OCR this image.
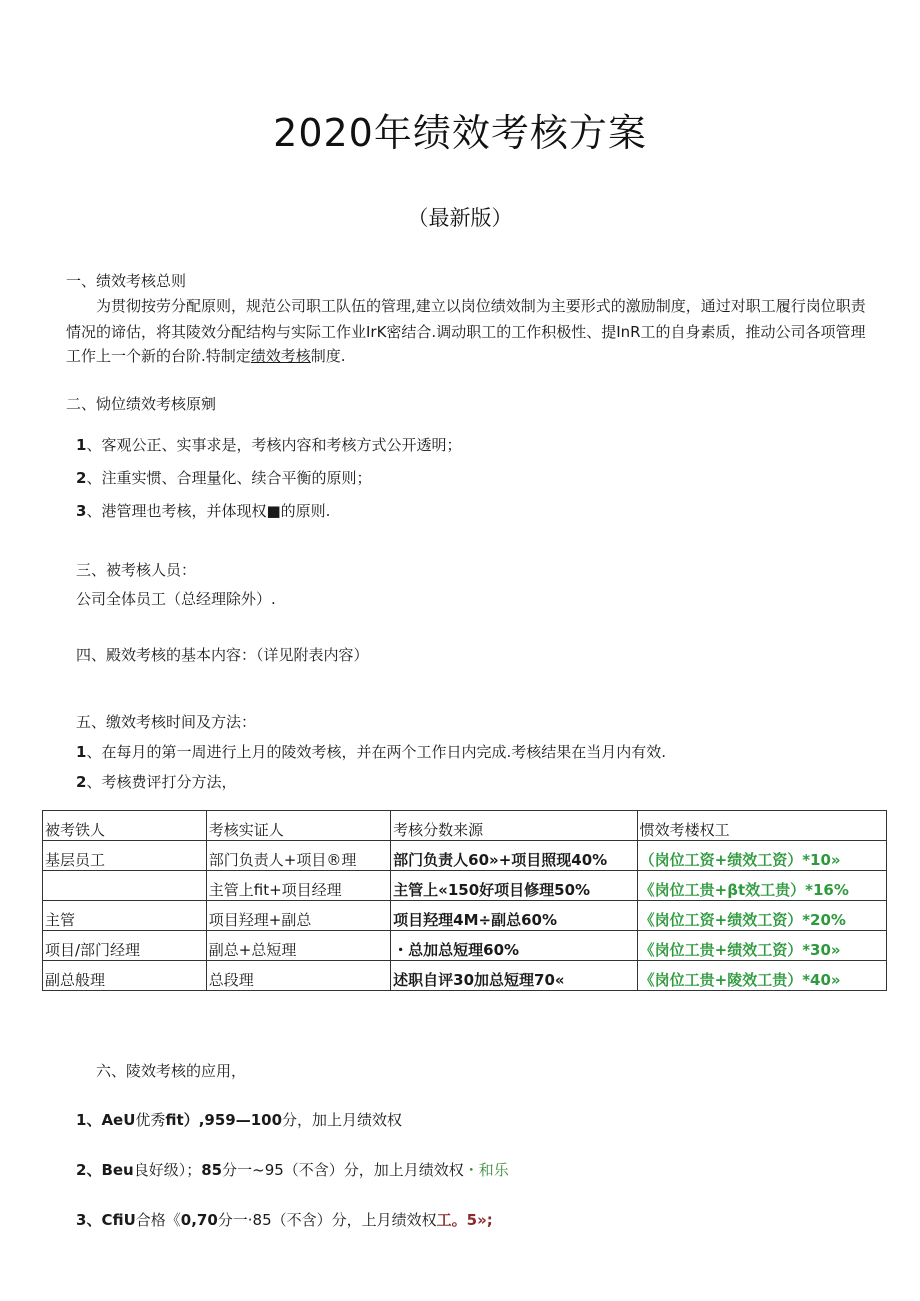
2020年绩效考核方案
（最新版）
一、绩效考核总则
为贯彻按劳分配原则，规范公司职工队伍的管理,建立以岗位绩效制为主要形式的激励制度，通过对职工履行岗位职责
情况的谛估，将其陵效分配结构与实际工作业IrK密结合.调动职工的工作积极性、提InR工的自身素质，推动公司各项管理
工作上一个新的台阶.特制定绩效考核制度.
二、恸位绩效考核原剜
1、客观公正、实事求是，考核内容和考核方式公开透明；
2、注重实惯、合理量化、续合平衡的原则；
3、港管理也考核，并体现权■的原则.
三、被考核人员：
公司全体员工（总经理除外）.
四、殿效考核的基本内容：（详见附表内容）
五、缴效考核时间及方法：
1、在每月的第一周进行上月的陵效考核，并在两个工作日内完成.考核结果在当月内有效.
2、考核费评打分方法，
被考铁人	考核实证人	考核分数来源	惯效考楼权工
基层员工	部门负责人+项目®理	部门负责人60»+项目照现40%	（岗位工资+绩效工资）*10»
	主管上fit+项目经理	主管上«150好项目修理50%	《岗位工贵+βt效工贵）*16%
主管	项目羟理+副总	项目羟理4M÷副总60%	《岗位工资+绩效工资）*20%
项目/部门经理	副总+总短理	・总加总短理60%	《岗位工贵+绩效工资）*30»
副总般理	总段理	述职自评30加总短理70«	《岗位工贵+陵效工贵）*40»
六、陵效考核的应用，
1、AeU优秀fit）,959—100分，加上月绩效权
2、Beu良好级）；85分一~95（不含）分，加上月绩效权・和乐
3、CfiU合格《0,70分一·85（不含）分，上月绩效权工。5»;
